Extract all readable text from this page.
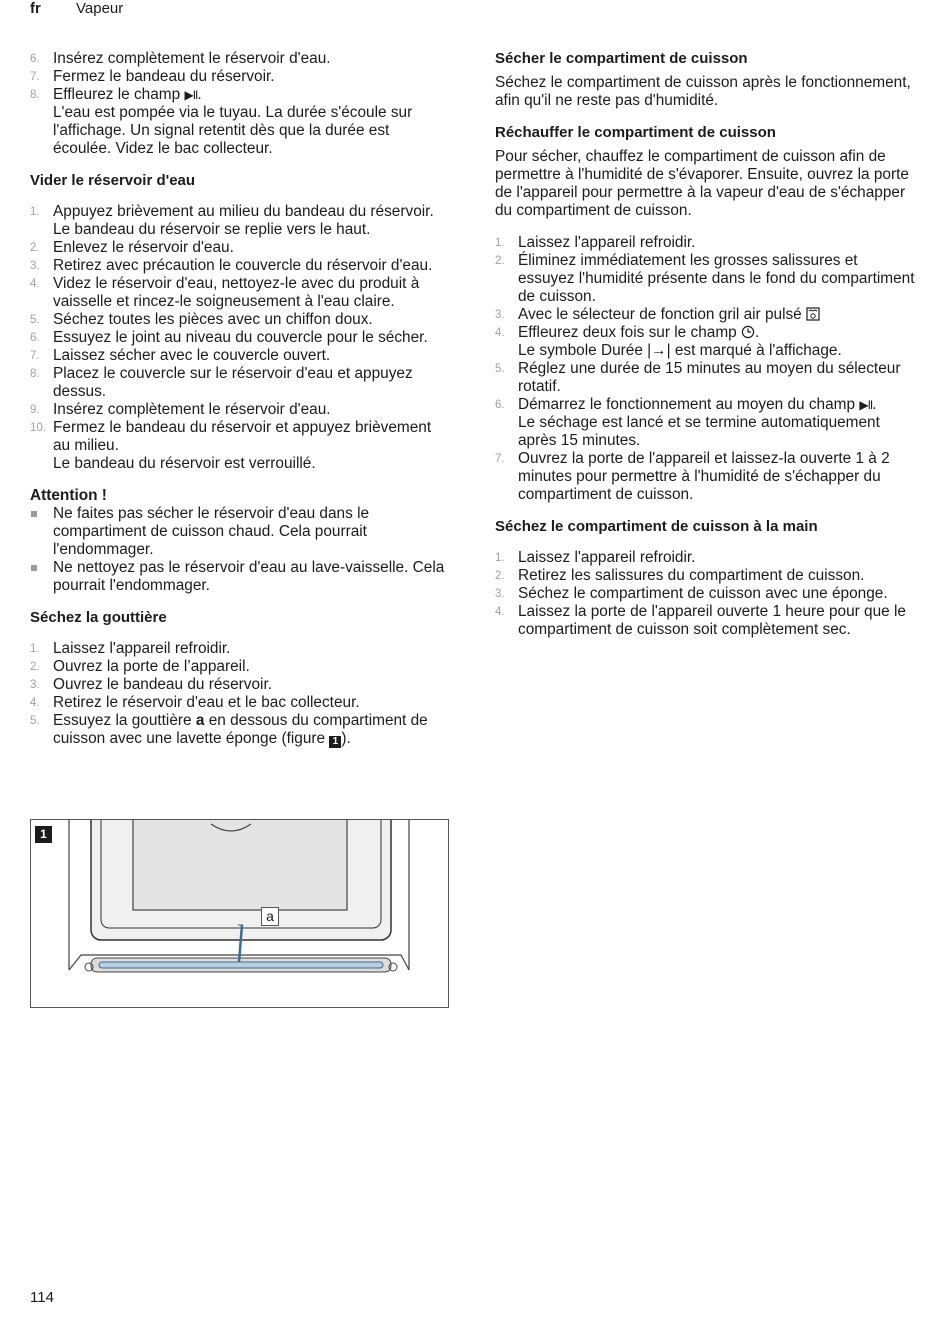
fr Vapeur
6. Insérez complètement le réservoir d'eau.
7. Fermez le bandeau du réservoir.
8. Effleurez le champ ▶II.
L'eau est pompée via le tuyau. La durée s'écoule sur l'affichage. Un signal retentit dès que la durée est écoulée. Videz le bac collecteur.
Vider le réservoir d'eau
1. Appuyez brièvement au milieu du bandeau du réservoir.
Le bandeau du réservoir se replie vers le haut.
2. Enlevez le réservoir d'eau.
3. Retirez avec précaution le couvercle du réservoir d'eau.
4. Videz le réservoir d'eau, nettoyez-le avec du produit à vaisselle et rincez-le soigneusement à l'eau claire.
5. Séchez toutes les pièces avec un chiffon doux.
6. Essuyez le joint au niveau du couvercle pour le sécher.
7. Laissez sécher avec le couvercle ouvert.
8. Placez le couvercle sur le réservoir d'eau et appuyez dessus.
9. Insérez complètement le réservoir d'eau.
10. Fermez le bandeau du réservoir et appuyez brièvement au milieu.
Le bandeau du réservoir est verrouillé.
Attention !
Ne faites pas sécher le réservoir d'eau dans le compartiment de cuisson chaud. Cela pourrait l'endommager.
Ne nettoyez pas le réservoir d'eau au lave-vaisselle. Cela pourrait l'endommager.
Séchez la gouttière
1. Laissez l'appareil refroidir.
2. Ouvrez la porte de l’appareil.
3. Ouvrez le bandeau du réservoir.
4. Retirez le réservoir d'eau et le bac collecteur.
5. Essuyez la gouttière a en dessous du compartiment de cuisson avec une lavette éponge (figure 1 ).
1
a
Sécher le compartiment de cuisson

Séchez le compartiment de cuisson après le fonctionnement, afin qu'il ne reste pas d'humidité.

Réchauffer le compartiment de cuisson

Pour sécher, chauffez le compartiment de cuisson afin de permettre à l'humidité de s'évaporer. Ensuite, ouvrez la porte de l'appareil pour permettre à la vapeur d'eau de s'échapper du compartiment de cuisson.

1. Laissez l'appareil refroidir.
2. Éliminez immédiatement les grosses salissures et essuyez l'humidité présente dans le fond du compartiment de cuisson.
3. Avec le sélecteur de fonction gril air pulsé
4. Effleurez deux fois sur le champ .
Le symbole Durée |→| est marqué à l'affichage.
5. Réglez une durée de 15 minutes au moyen du sélecteur rotatif.
6. Démarrez le fonctionnement au moyen du champ ▶II.
Le séchage est lancé et se termine automatiquement après 15 minutes.
7. Ouvrez la porte de l'appareil et laissez-la ouverte 1 à 2 minutes pour permettre à l'humidité de s'échapper du compartiment de cuisson.
Séchez le compartiment de cuisson à la main
1. Laissez l'appareil refroidir.
2. Retirez les salissures du compartiment de cuisson.
3. Séchez le compartiment de cuisson avec une éponge.
4. Laissez la porte de l'appareil ouverte 1 heure pour que le compartiment de cuisson soit complètement sec.
114
